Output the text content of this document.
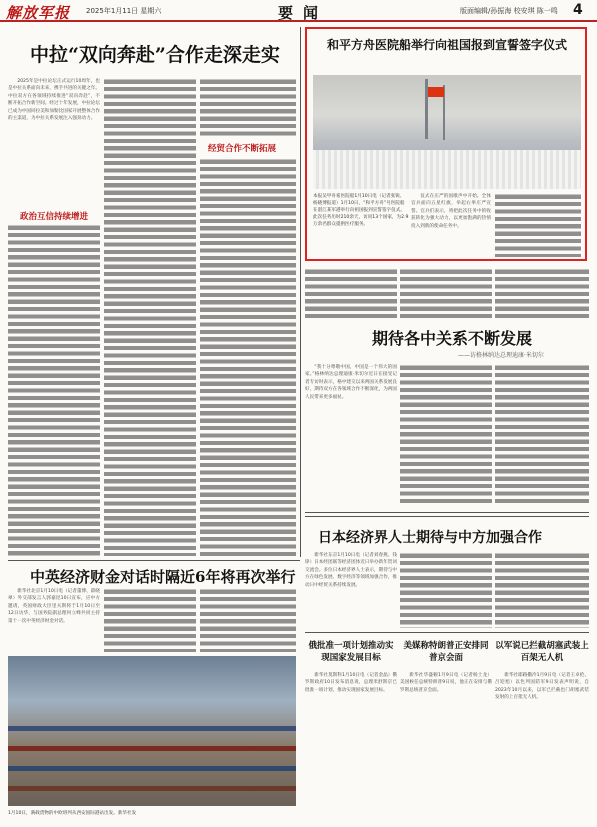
解放军报 2025年1月11日 星期六	要闻	版面编辑/孙振海 校安琪 陈一鸣 4
中拉“双向奔赴”合作走深走实

2025年是中拉论坛正式运行10周年，也是中拉关系面向未来、携手共进的关键之年。中拉双方在各领域持续推进“双向奔赴”，不断开拓合作新空间。经过十年发展，中拉论坛已成为中国同拉美和加勒比国家开展整体合作的主渠道，为中拉关系发展注入强劲动力。

政治互信持续增进
经贸合作不断拓展
和平方舟医院船举行向祖国报到宣誓签字仪式
本报吴甲舟希医院船1月10日电（记者张锐、杨晓博报道）1月10日，“和平方舟”号医院船在湛江某军港举行向祖国报到宣誓签字仪式。此次任务历时210余天，访问13个国家，为2.9万余名群众提供医疗服务。

仪式在庄严的国歌声中开始。全体官兵面向五星红旗，举起右拳庄严宣誓。官兵们表示，将把此次任务中的收获转化为强大动力，以更加饱满的热情投入到新的使命任务中。

期待各中关系不断发展
——访格林纳达总理迪康·米切尔

“我十分尊敬中国，中国是一个伟大的国家。”格林纳达总理迪康·米切尔近日在接受记者专访时表示，格中建交以来两国关系发展良好，期待双方在各领域合作不断深化，为两国人民带来更多福祉。

中英经济财金对话时隔近6年将再次举行

新华社北京1月10日电（记者董博、薛晓翠）外交部发言人郭嘉昆10日宣布，应中方邀请，英国财政大臣里夫斯将于1月10日至12日访华，与国务院副总理何立峰共同主持第十一次中英经济财金对话。

1月10日，满载货物的中欧班列从西安国际港站出发。新华社发
日本经济界人士期待与中方加强合作

新华社东京1月10日电（记者刘春燕、钱铮）日本经团联等经济团体近日举办新年贺词交流会。多位日本经济界人士表示，期待与中方在绿色发展、数字经济等领域加强合作，推动日中经贸关系持续发展。

俄批准一项计划推动实现国家发展目标

新华社莫斯科1月10日电（记者金晶）俄罗斯政府10日发布消息说，总理米舒斯京已批准一项计划，推动实现国家发展目标。

美媒称特朗普正安排同普京会面

新华社华盛顿1月9日电（记者杨士龙）美国候任总统特朗普9日说，他正在安排与俄罗斯总统普京会面。

以军说已拦截胡塞武装上百架无人机

新华社耶路撒冷1月9日电（记者王卓伦、吕迎旭）以色列国防军9日发表声明说，自2023年10月以来，以军已拦截也门胡塞武装发射的上百架无人机。
